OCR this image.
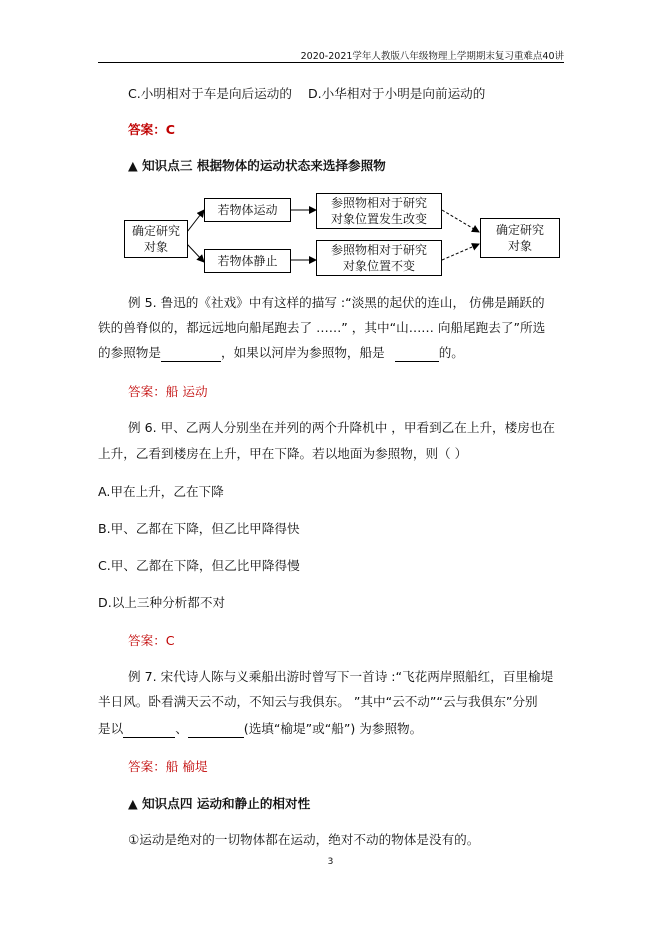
2020-2021学年人教版八年级物理上学期期末复习重难点40讲
C.小明相对于车是向后运动的 D.小华相对于小明是向前运动的
答案：C
▲ 知识点三 根据物体的运动状态来选择参照物
确定研究
对象
若物体运动
若物体静止
参照物相对于研究
对象位置发生改变
参照物相对于研究
对象位置不变
确定研究
对象
例 5. 鲁迅的《社戏》中有这样的描写 :“淡黑的起伏的连山， 仿佛是踊跃的
铁的兽脊似的，都远远地向船尾跑去了 ……” ，其中“山…… 向船尾跑去了”所选
的参照物是	，如果以河岸为参照物，船是	的。
答案：船 运动
例 6. 甲、乙两人分别坐在并列的两个升降机中 ，甲看到乙在上升，楼房也在
上升，乙看到楼房在上升，甲在下降。若以地面为参照物，则（ ）
A.甲在上升，乙在下降
B.甲、乙都在下降，但乙比甲降得快
C.甲、乙都在下降，但乙比甲降得慢
D.以上三种分析都不对
答案：C
例 7. 宋代诗人陈与义乘船出游时曾写下一首诗 :“飞花两岸照船红，百里榆堤
半日风。卧看满天云不动，不知云与我俱东。 ”其中“云不动”“云与我俱东”分别
是以	、	(选填“榆堤”或“船”) 为参照物。
答案：船 榆堤
▲ 知识点四 运动和静止的相对性
①运动是绝对的一切物体都在运动，绝对不动的物体是没有的。
3
